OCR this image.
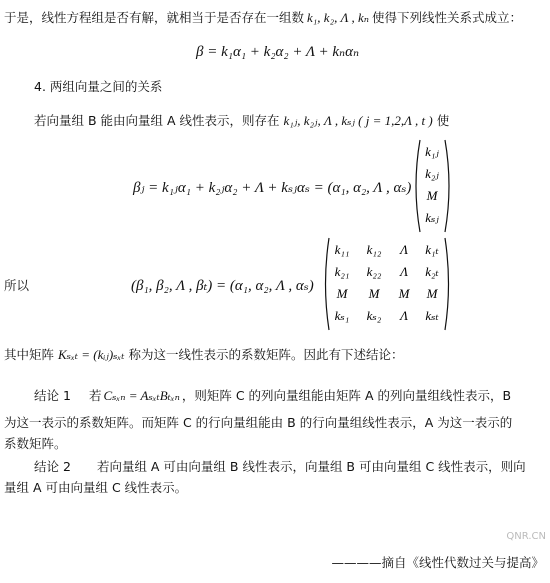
于是，线性方程组是否有解，就相当于是否存在一组数 k₁, k₂, Λ , kₙ 使得下列线性关系式成立：
β = k₁α₁ + k₂α₂ + Λ + kₙαₙ
4. 两组向量之间的关系
若向量组 B 能由向量组 A 线性表示，则存在 k₁ⱼ, k₂ⱼ, Λ , kₛⱼ ( j = 1,2,Λ , t ) 使
βⱼ = k₁ⱼα₁ + k₂ⱼα₂ + Λ + kₛⱼαₛ = (α₁, α₂, Λ , αₛ)
k₁ⱼ
k₂ⱼ
M
kₛⱼ
所以	(β₁, β₂, Λ , βₜ) = (α₁, α₂, Λ , αₛ)
k₁₁ k₁₂ Λ k₁ₜ
k₂₁ k₂₂ Λ k₂ₜ
M M M M
kₛ₁ kₛ₂ Λ kₛₜ
其中矩阵 Kₛₓₜ = (kᵢⱼ)ₛₓₜ 称为这一线性表示的系数矩阵。因此有下述结论：
结论 1 若 Cₛₓₙ = AₛₓₜBₜₓₙ ，则矩阵 C 的列向量组能由矩阵 A 的列向量组线性表示，B
为这一表示的系数矩阵。而矩阵 C 的行向量组能由 B 的行向量组线性表示，A 为这一表示的
系数矩阵。
结论 2 若向量组 A 可由向量组 B 线性表示，向量组 B 可由向量组 C 线性表示，则向
量组 A 可由向量组 C 线性表示。
————摘自《线性代数过关与提高》
QNR.CN
